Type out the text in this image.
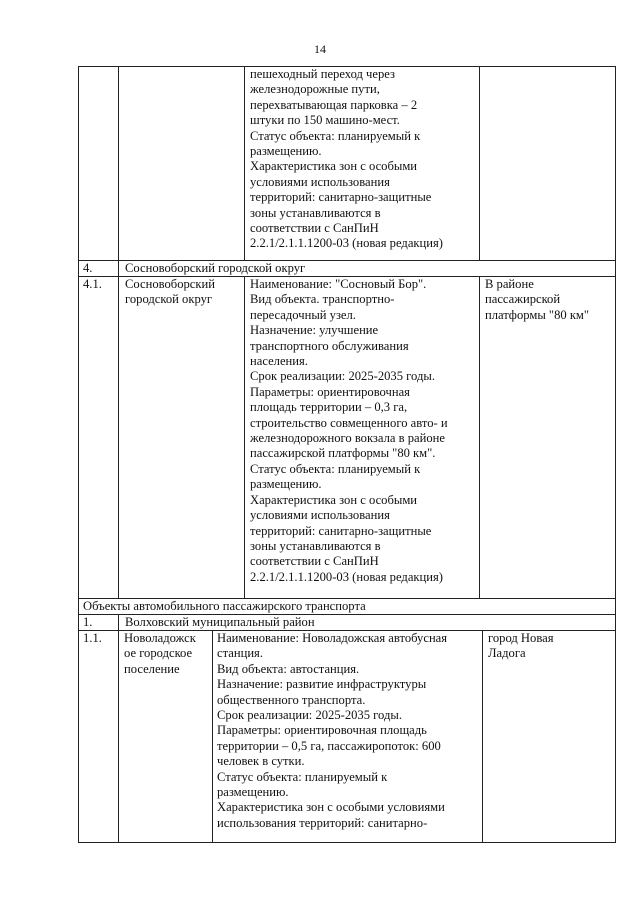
14
пешеходный переход через
железнодорожные пути,
перехватывающая парковка – 2
штуки по 150 машино-мест.
Статус объекта: планируемый к
размещению.
Характеристика зон с особыми
условиями использования
территорий: санитарно-защитные
зоны устанавливаются в
соответствии с СанПиН
2.2.1/2.1.1.1200-03 (новая редакция)
4.	Сосновоборский городской округ
4.1. Сосновоборский
городской округ
Наименование: "Сосновый Бор".
Вид объекта. транспортно-
пересадочный узел.
Назначение: улучшение
транспортного обслуживания
населения.
Срок реализации: 2025-2035 годы.
Параметры: ориентировочная
площадь территории – 0,3 га,
строительство совмещенного авто- и
железнодорожного вокзала в районе
пассажирской платформы "80 км".
Статус объекта: планируемый к
размещению.
Характеристика зон с особыми
условиями использования
территорий: санитарно-защитные
зоны устанавливаются в
соответствии с СанПиН
2.2.1/2.1.1.1200-03 (новая редакция)
В районе
пассажирской
платформы "80 км"
Объекты автомобильного пассажирского транспорта
1.	Волховский муниципальный район
1.1. Новоладожск
ое городское
поселение
Наименование: Новоладожская автобусная
станция.
Вид объекта: автостанция.
Назначение: развитие инфраструктуры
общественного транспорта.
Срок реализации: 2025-2035 годы.
Параметры: ориентировочная площадь
территории – 0,5 га, пассажиропоток: 600
человек в сутки.
Статус объекта: планируемый к
размещению.
Характеристика зон с особыми условиями
использования территорий: санитарно-
город Новая
Ладога
